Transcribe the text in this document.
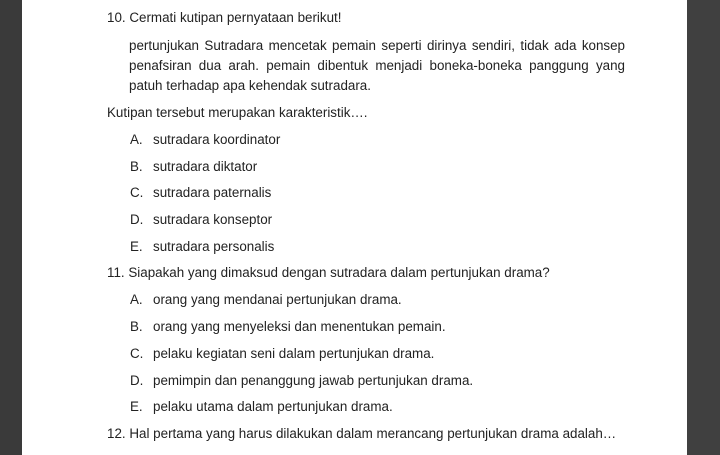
10. Cermati kutipan pernyataan berikut!
pertunjukan Sutradara mencetak pemain seperti dirinya sendiri, tidak ada konsep
penafsiran dua arah. pemain dibentuk menjadi boneka-boneka panggung yang
patuh terhadap apa kehendak sutradara.
Kutipan tersebut merupakan karakteristik….
A. sutradara koordinator
B. sutradara diktator
C. sutradara paternalis
D. sutradara konseptor
E. sutradara personalis
11. Siapakah yang dimaksud dengan sutradara dalam pertunjukan drama?
A. orang yang mendanai pertunjukan drama.
B. orang yang menyeleksi dan menentukan pemain.
C. pelaku kegiatan seni dalam pertunjukan drama.
D. pemimpin dan penanggung jawab pertunjukan drama.
E. pelaku utama dalam pertunjukan drama.
12. Hal pertama yang harus dilakukan dalam merancang pertunjukan drama adalah…
